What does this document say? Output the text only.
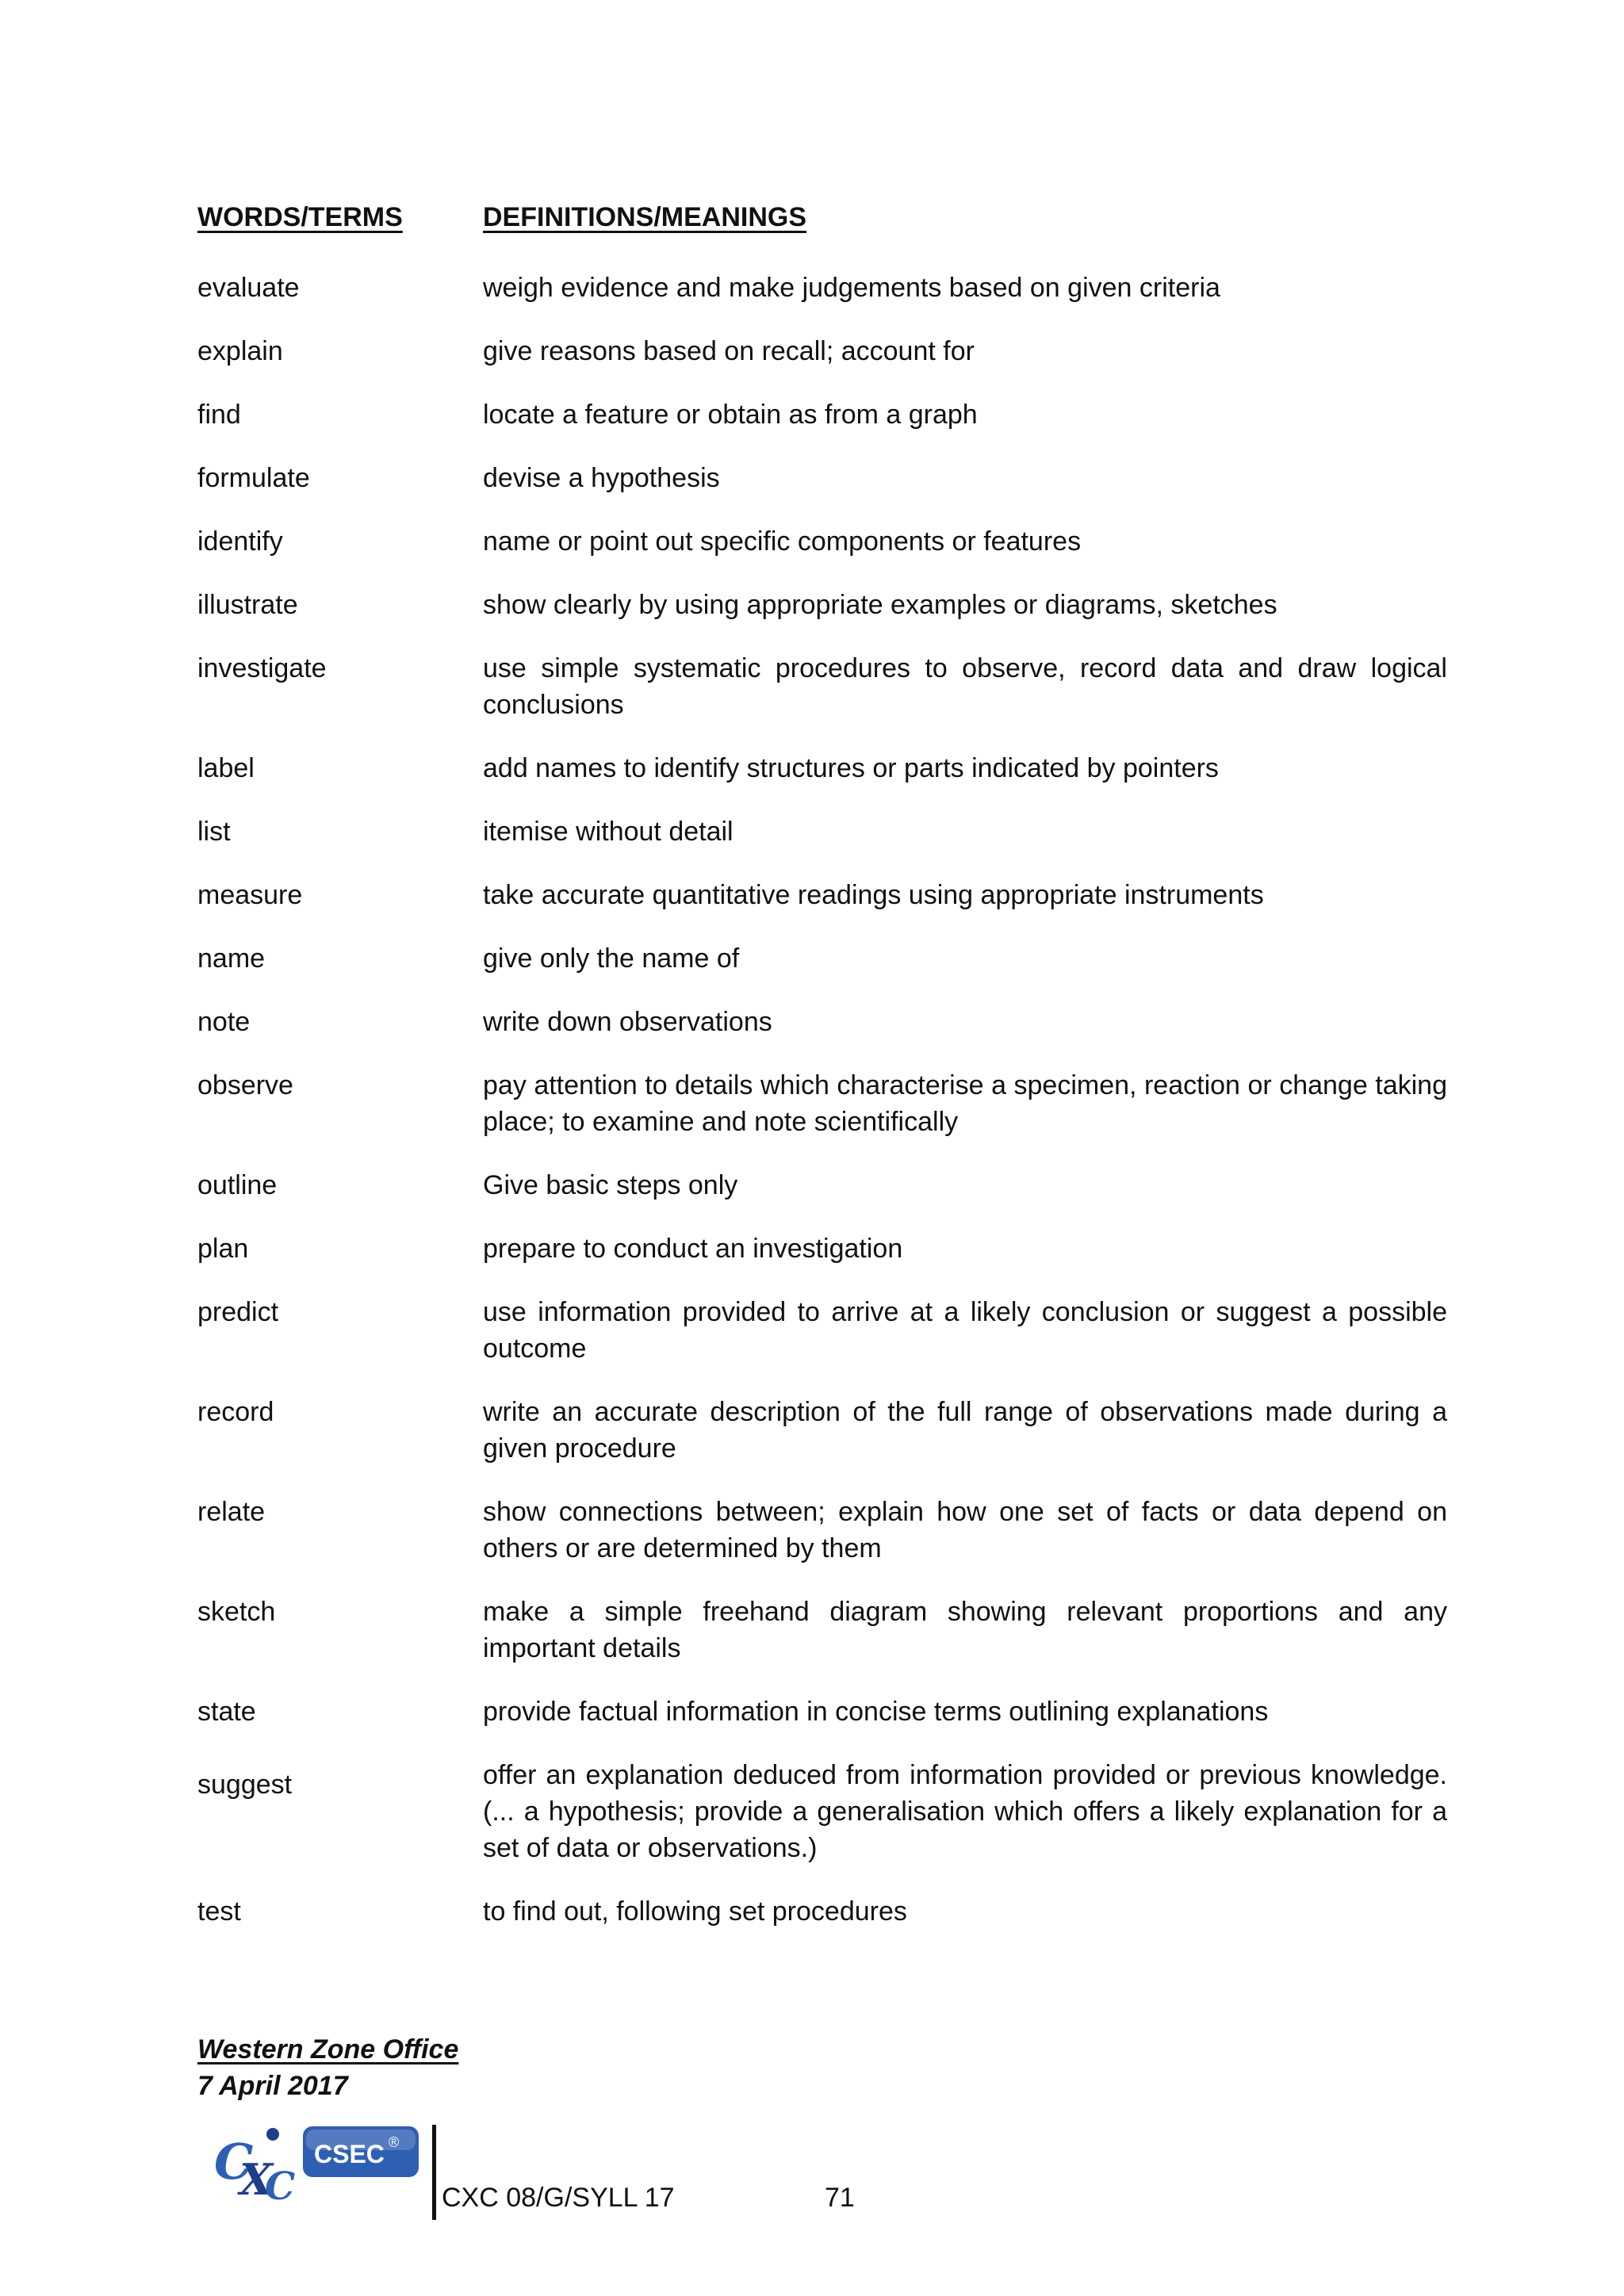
WORDS/TERMS	DEFINITIONS/MEANINGS
evaluate	weigh evidence and make judgements based on given criteria
explain	give reasons based on recall; account for
find	locate a feature or obtain as from a graph
formulate	devise a hypothesis
identify	name or point out specific components or features
illustrate	show clearly by using appropriate examples or diagrams, sketches
investigate	use simple systematic procedures to observe, record data and draw logical conclusions
label	add names to identify structures or parts indicated by pointers
list	itemise without detail
measure	take accurate quantitative readings using appropriate instruments
name	give only the name of
note	write down observations
observe	pay attention to details which characterise a specimen, reaction or change taking place; to examine and note scientifically
outline	Give basic steps only
plan	prepare to conduct an investigation
predict	use information provided to arrive at a likely conclusion or suggest a possible outcome
record	write an accurate description of the full range of observations made during a given procedure
relate	show connections between; explain how one set of facts or data depend on others or are determined by them
sketch	make a simple freehand diagram showing relevant proportions and any important details
state	provide factual information in concise terms outlining explanations
suggest	offer an explanation deduced from information provided or previous knowledge. (... a hypothesis; provide a generalisation which offers a likely explanation for a set of data or observations.)
test	to find out, following set procedures
Western Zone Office
7 April 2017
C
X
C
CSEC ®
CXC 08/G/SYLL 17	71
